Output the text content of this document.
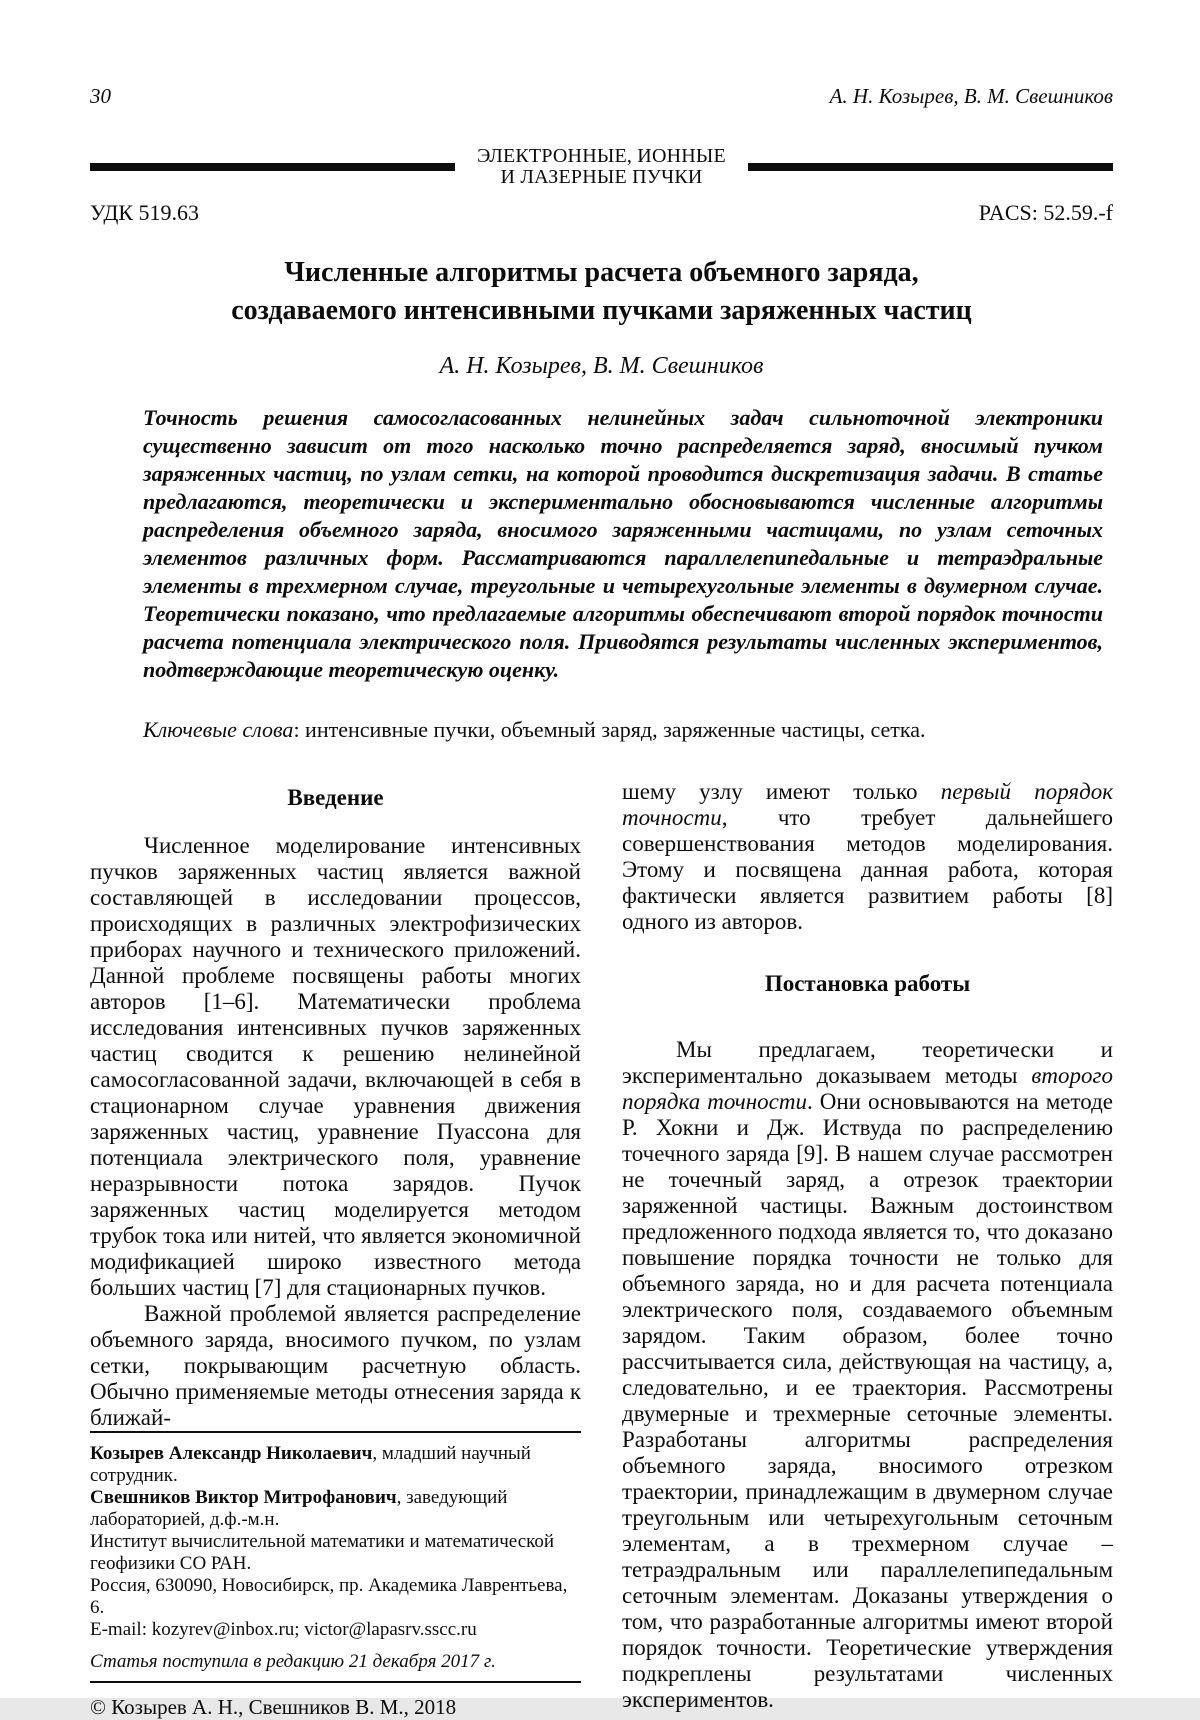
30	А. Н. Козырев, В. М. Свешников
ЭЛЕКТРОННЫЕ, ИОННЫЕ
И ЛАЗЕРНЫЕ ПУЧКИ
УДК 519.63	PACS: 52.59.-f
Численные алгоритмы расчета объемного заряда,
создаваемого интенсивными пучками заряженных частиц
А. Н. Козырев, В. М. Свешников

Точность решения самосогласованных нелинейных задач сильноточной электроники существенно зависит от того насколько точно распределяется заряд, вносимый пучком заряженных частиц, по узлам сетки, на которой проводится дискретизация задачи. В статье предлагаются, теоретически и экспериментально обосновываются численные алгоритмы распределения объемного заряда, вносимого заряженными частицами, по узлам сеточных элементов различных форм. Рассматриваются параллелепипедальные и тетраэдральные элементы в трехмерном случае, треугольные и четырехугольные элементы в двумерном случае. Теоретически показано, что предлагаемые алгоритмы обеспечивают второй порядок точности расчета потенциала электрического поля. Приводятся результаты численных экспериментов, подтверждающие теоретическую оценку.

Ключевые слова: интенсивные пучки, объемный заряд, заряженные частицы, сетка.

Введение

Численное моделирование интенсивных пучков заряженных частиц является важной составляющей в исследовании процессов, происходящих в различных электрофизических приборах научного и технического приложений. Данной проблеме посвящены работы многих авторов [1–6]. Математически проблема исследования интенсивных пучков заряженных частиц сводится к решению нелинейной самосогласованной задачи, включающей в себя в стационарном случае уравнения движения заряженных частиц, уравнение Пуассона для потенциала электрического поля, уравнение неразрывности потока зарядов. Пучок заряженных частиц моделируется методом трубок тока или нитей, что является экономичной модификацией широко известного метода больших частиц [7] для стационарных пучков.

Важной проблемой является распределение объемного заряда, вносимого пучком, по узлам сетки, покрывающим расчетную область. Обычно применяемые методы отнесения заряда к ближай-

Козырев Александр Николаевич, младший научный сотрудник.

Свешников Виктор Митрофанович, заведующий лабораторией, д.ф.-м.н.

Институт вычислительной математики и математической геофизики СО РАН.

Россия, 630090, Новосибирск, пр. Академика Лаврентьева, 6.

E-mail: kozyrev@inbox.ru; victor@lapasrv.sscc.ru

Статья поступила в редакцию 21 декабря 2017 г.

© Козырев А. Н., Свешников В. М., 2018

шему узлу имеют только первый порядок точности, что требует дальнейшего совершенствования методов моделирования. Этому и посвящена данная работа, которая фактически является развитием работы [8] одного из авторов.

Постановка работы

Мы предлагаем, теоретически и экспериментально доказываем методы второго порядка точности. Они основываются на методе Р. Хокни и Дж. Иствуда по распределению точечного заряда [9]. В нашем случае рассмотрен не точечный заряд, а отрезок траектории заряженной частицы. Важным достоинством предложенного подхода является то, что доказано повышение порядка точности не только для объемного заряда, но и для расчета потенциала электрического поля, создаваемого объемным зарядом. Таким образом, более точно рассчитывается сила, действующая на частицу, а, следовательно, и ее траектория. Рассмотрены двумерные и трехмерные сеточные элементы. Разработаны алгоритмы распределения объемного заряда, вносимого отрезком траектории, принадлежащим в двумерном случае треугольным или четырехугольным сеточным элементам, а в трехмерном случае – тетраэдральным или параллелепипедальным сеточным элементам. Доказаны утверждения о том, что разработанные алгоритмы имеют второй порядок точности. Теоретические утверждения подкреплены результатами численных экспериментов.
